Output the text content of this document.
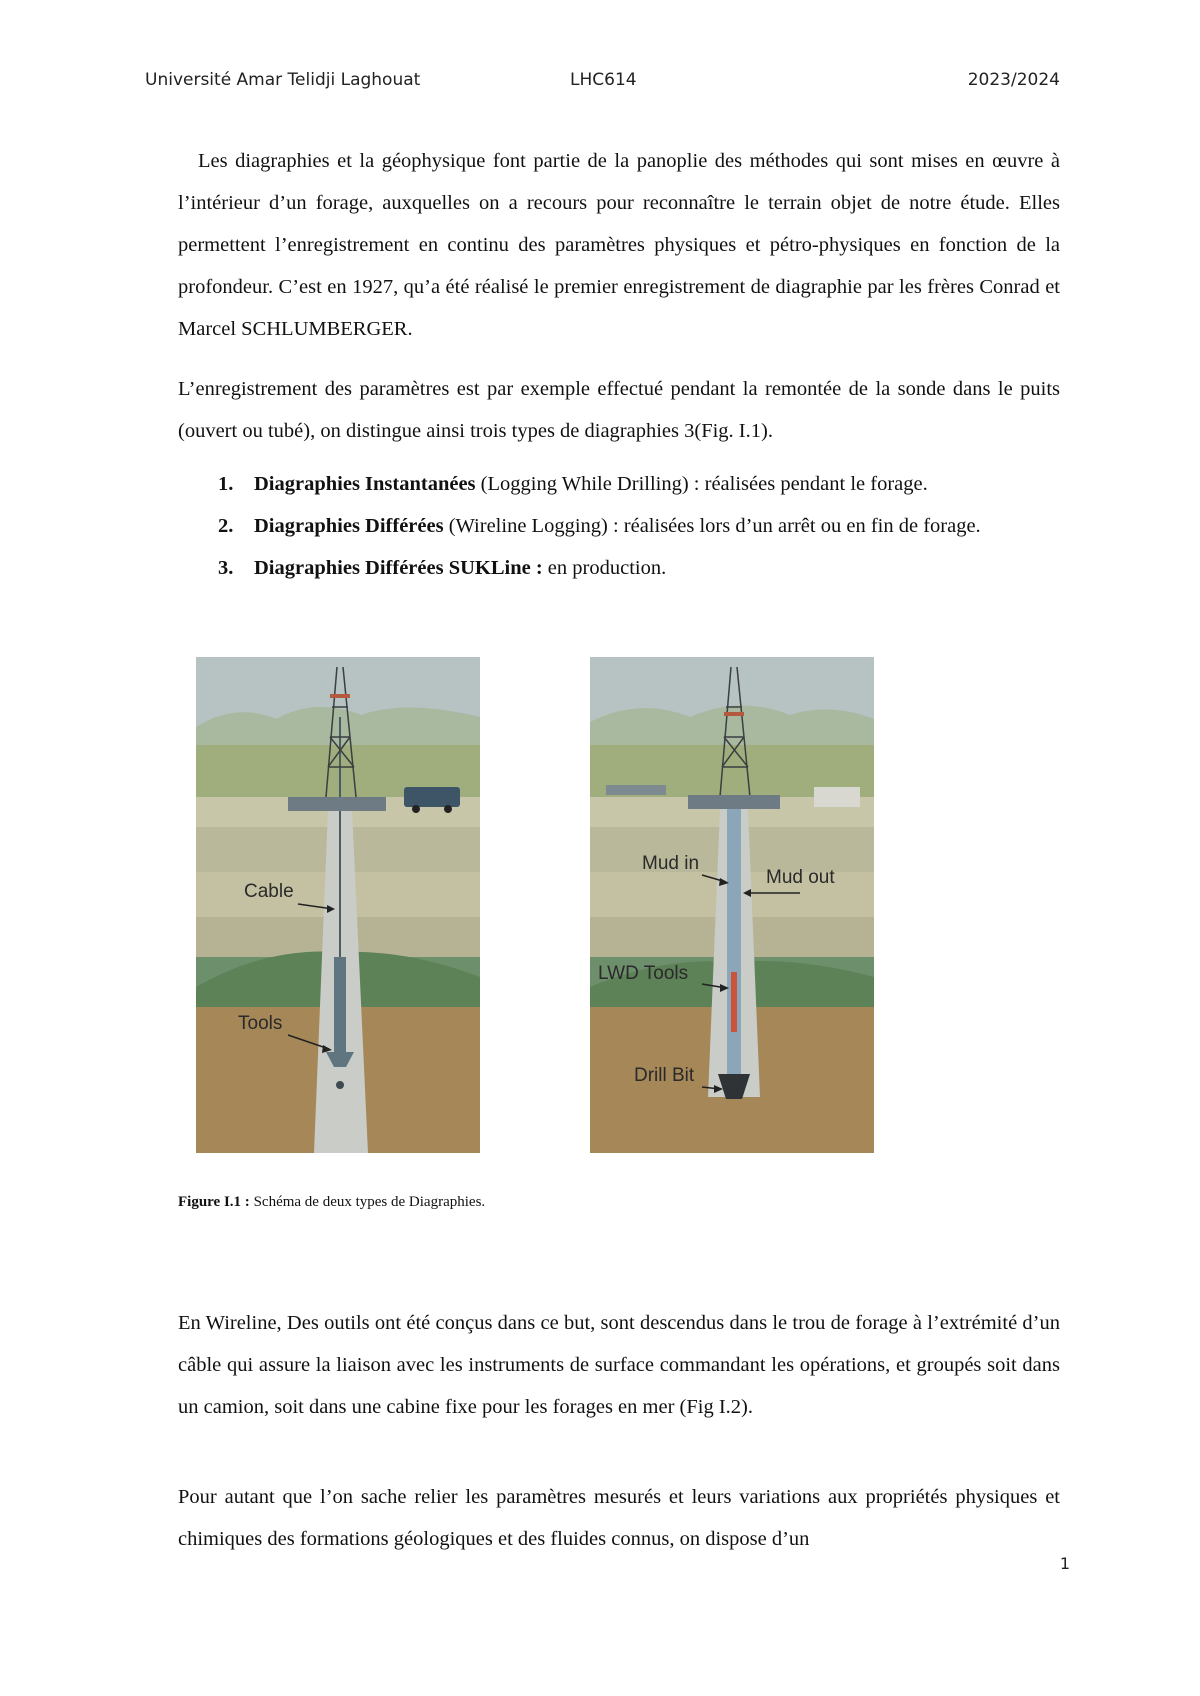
Université Amar Telidji Laghouat	LHC614	2023/2024
Les diagraphies et la géophysique font partie de la panoplie des méthodes qui sont mises en œuvre à l’intérieur d’un forage, auxquelles on a recours pour reconnaître le terrain objet de notre étude. Elles permettent l’enregistrement en continu des paramètres physiques et pétro-physiques en fonction de la profondeur. C’est en 1927, qu’a été réalisé le premier enregistrement de diagraphie par les frères Conrad et Marcel SCHLUMBERGER.
L’enregistrement des paramètres est par exemple effectué pendant la remontée de la sonde dans le puits (ouvert ou tubé), on distingue ainsi trois types de diagraphies 3(Fig. I.1).
1. Diagraphies Instantanées (Logging While Drilling) : réalisées pendant le forage.
2. Diagraphies Différées (Wireline Logging) : réalisées lors d’un arrêt ou en fin de forage.
3. Diagraphies Différées SUKLine : en production.
Cable
Tools
Mud in
Mud out
LWD Tools
Drill Bit
Figure I.1 : Schéma de deux types de Diagraphies.
En Wireline, Des outils ont été conçus dans ce but, sont descendus dans le trou de forage à l’extrémité d’un câble qui assure la liaison avec les instruments de surface commandant les opérations, et groupés soit dans un camion, soit dans une cabine fixe pour les forages en mer (Fig I.2).
Pour autant que l’on sache relier les paramètres mesurés et leurs variations aux propriétés physiques et chimiques des formations géologiques et des fluides connus, on dispose d’un
1
